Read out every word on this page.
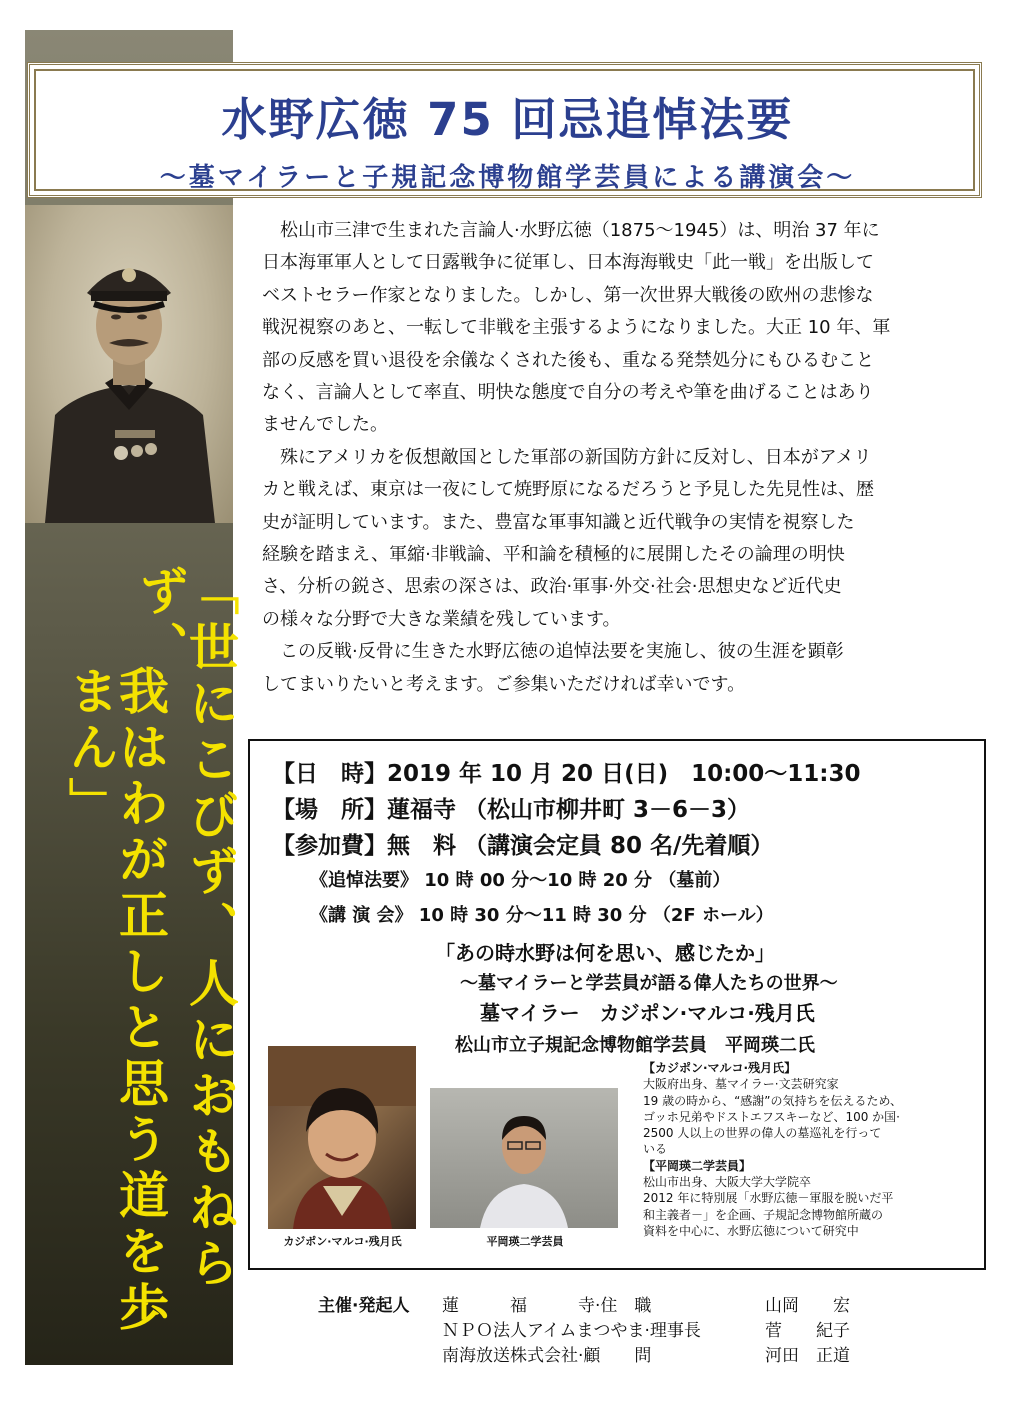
「世にこびず、人におもねらず、
我はわが正しと思う道を歩まん」
水野広徳 75 回忌追悼法要
～墓マイラーと子規記念博物館学芸員による講演会～
松山市三津で生まれた言論人·水野広徳（1875～1945）は、明治 37 年に
日本海軍軍人として日露戦争に従軍し、日本海海戦史「此一戦」を出版して
ベストセラー作家となりました。しかし、第一次世界大戦後の欧州の悲惨な
戦況視察のあと、一転して非戦を主張するようになりました。大正 10 年、軍
部の反感を買い退役を余儀なくされた後も、重なる発禁処分にもひるむこと
なく、言論人として率直、明快な態度で自分の考えや筆を曲げることはあり
ませんでした。
殊にアメリカを仮想敵国とした軍部の新国防方針に反対し、日本がアメリ
カと戦えば、東京は一夜にして焼野原になるだろうと予見した先見性は、歴
史が証明しています。また、豊富な軍事知識と近代戦争の実情を視察した
経験を踏まえ、軍縮·非戦論、平和論を積極的に展開したその論理の明快
さ、分析の鋭さ、思索の深さは、政治·軍事·外交·社会·思想史など近代史
の様々な分野で大きな業績を残しています。
この反戦·反骨に生きた水野広徳の追悼法要を実施し、彼の生涯を顕彰
してまいりたいと考えます。ご参集いただければ幸いです。
【日　時】2019 年 10 月 20 日(日)　10:00～11:30
【場　所】蓮福寺 （松山市柳井町 3－6－3）
【参加費】無　料 （講演会定員 80 名/先着順）
《追悼法要》 10 時 00 分～10 時 20 分 （墓前）
《講 演 会》 10 時 30 分～11 時 30 分 （2F ホール）
「あの時水野は何を思い、感じたか」
～墓マイラーと学芸員が語る偉人たちの世界～
墓マイラー　カジポン·マルコ·残月氏
松山市立子規記念博物館学芸員　平岡瑛二氏
カジポン·マルコ·残月氏	平岡瑛二学芸員
【カジポン·マルコ·残月氏】
大阪府出身、墓マイラー·文芸研究家
19 歳の時から、“感謝”の気持ちを伝えるため、
ゴッホ兄弟やドストエフスキーなど、100 か国·
2500 人以上の世界の偉人の墓巡礼を行って
いる
【平岡瑛二学芸員】
松山市出身、大阪大学大学院卒
2012 年に特別展「水野広徳－軍服を脱いだ平
和主義者－」を企画、子規記念博物館所蔵の
資料を中心に、水野広徳について研究中
主催·発起人 蓮　　　福　　　寺·住　職	山岡　　宏
ＮＰＯ法人アイムまつやま·理事長	菅　　紀子
南海放送株式会社·顧　　問	河田　正道
